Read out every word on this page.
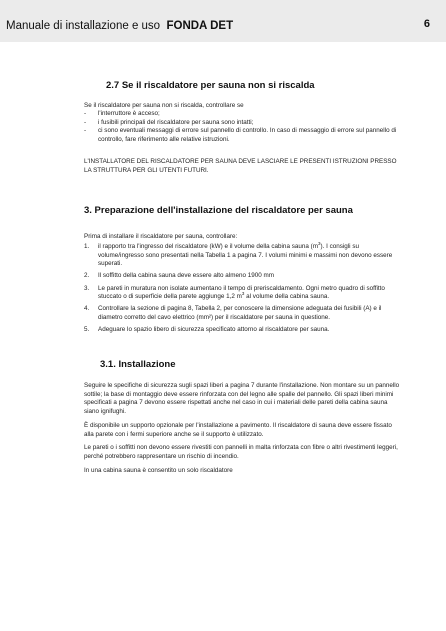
Manuale di installazione e uso FONDA DET	6
2.7 Se il riscaldatore per sauna non si riscalda
Se il riscaldatore per sauna non si riscalda, controllare se
- l'interruttore è acceso;
- i fusibili principali del riscaldatore per sauna sono intatti;
- ci sono eventuali messaggi di errore sul pannello di controllo. In caso di messaggio di errore sul pannello di controllo, fare riferimento alle relative istruzioni.
L'INSTALLATORE DEL RISCALDATORE PER SAUNA DEVE LASCIARE LE PRESENTI ISTRUZIONI PRESSO LA STRUTTURA PER GLI UTENTI FUTURI.
3. Preparazione dell'installazione del riscaldatore per sauna
Prima di installare il riscaldatore per sauna, controllare:
1. il rapporto tra l'ingresso del riscaldatore (kW) e il volume della cabina sauna $(m^3)$. I consigli su volume/ingresso sono presentati nella Tabella 1 a pagina 7. I volumi minimi e massimi non devono essere superati.
2. Il soffitto della cabina sauna deve essere alto almeno 1900 mm
3. Le pareti in muratura non isolate aumentano il tempo di preriscaldamento. Ogni metro quadro di soffitto stuccato o di superficie della parete aggiunge 1,2 $m^3$ al volume della cabina sauna.
4. Controllare la sezione di pagina 8, Tabella 2, per conoscere la dimensione adeguata dei fusibili (A) e il diametro corretto del cavo elettrico (mm²) per il riscaldatore per sauna in questione.
5. Adeguare lo spazio libero di sicurezza specificato attorno al riscaldatore per sauna.
3.1. Installazione
Seguire le specifiche di sicurezza sugli spazi liberi a pagina 7 durante l'installazione. Non montare su un pannello sottile; la base di montaggio deve essere rinforzata con del legno alle spalle del pannello. Gli spazi liberi minimi specificati a pagina 7 devono essere rispettati anche nel caso in cui i materiali delle pareti della cabina sauna siano ignifughi.
È disponibile un supporto opzionale per l'installazione a pavimento. Il riscaldatore di sauna deve essere fissato alla parete con i fermi superiore anche se il supporto è utilizzato.
Le pareti o i soffitti non devono essere rivestiti con pannelli in malta rinforzata con fibre o altri rivestimenti leggeri, perché potrebbero rappresentare un rischio di incendio.
In una cabina sauna è consentito un solo riscaldatore
